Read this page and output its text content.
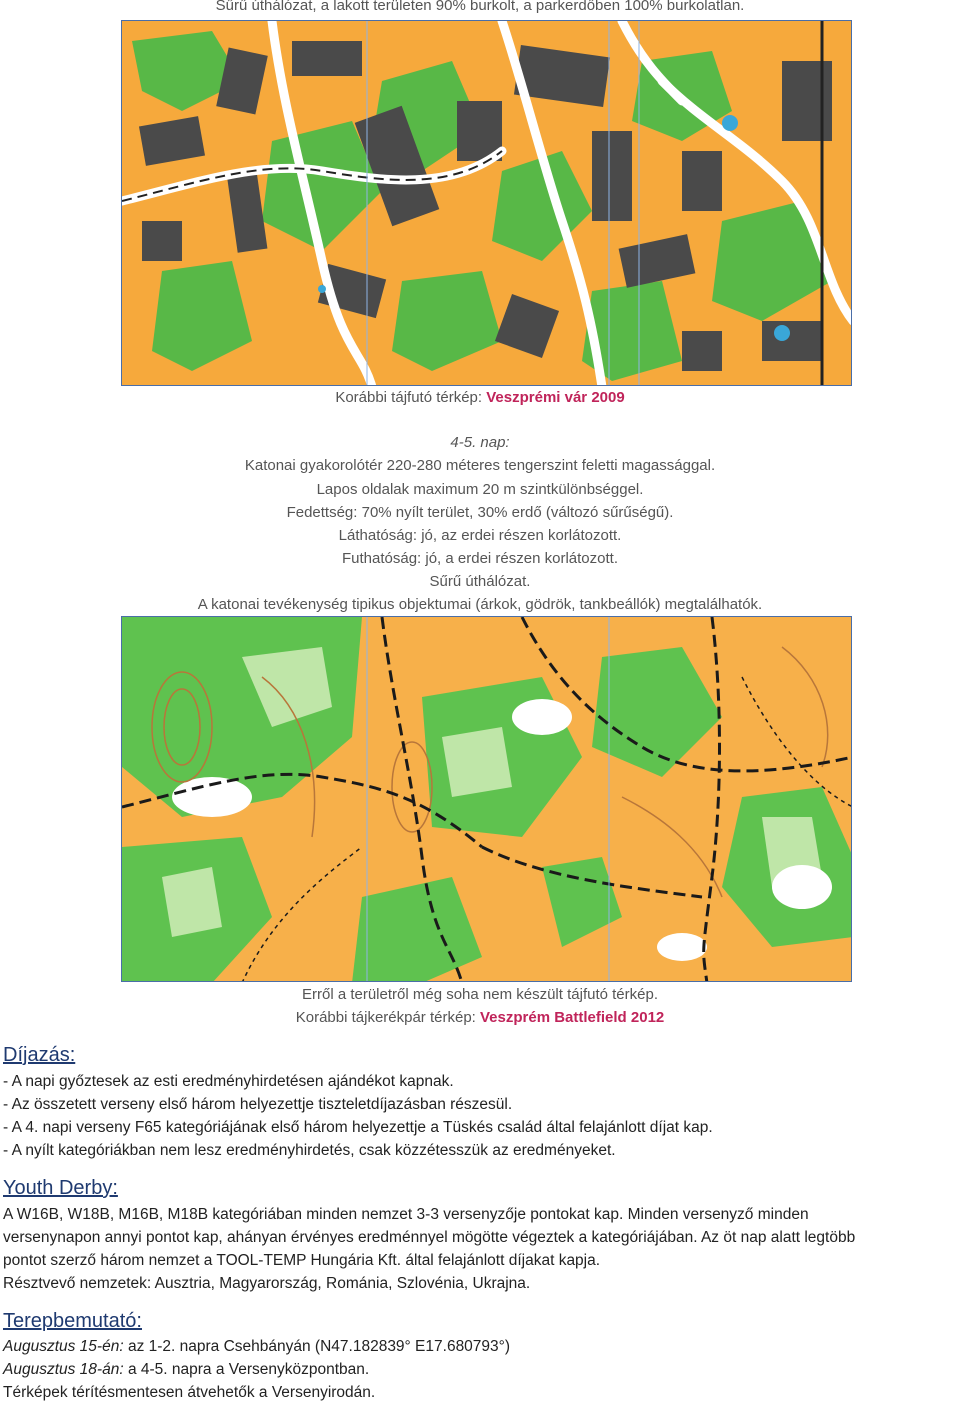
Sűrű úthálózat, a lakott területen 90% burkolt, a parkerdőben 100% burkolatlan.
Korábbi tájfutó térkép: Veszprémi vár 2009
4-5. nap:
Katonai gyakorolótér 220-280 méteres tengerszint feletti magassággal.
Lapos oldalak maximum 20 m szintkülönbséggel.
Fedettség: 70% nyílt terület, 30% erdő (változó sűrűségű).
Láthatóság: jó, az erdei részen korlátozott.
Futhatóság: jó, a erdei részen korlátozott.
Sűrű úthálózat.
A katonai tevékenység tipikus objektumai (árkok, gödrök, tankbeállók) megtalálhatók.
Erről a területről még soha nem készült tájfutó térkép.
Korábbi tájkerékpár térkép: Veszprém Battlefield 2012
Díjazás:
- A napi győztesek az esti eredményhirdetésen ajándékot kapnak.
- Az összetett verseny első három helyezettje tiszteletdíjazásban részesül.
- A 4. napi verseny F65 kategóriájának első három helyezettje a Tüskés család által felajánlott díjat kap.
- A nyílt kategóriákban nem lesz eredményhirdetés, csak közzétesszük az eredményeket.
Youth Derby:
A W16B, W18B, M16B, M18B kategóriában minden nemzet 3-3 versenyzője pontokat kap. Minden versenyző minden
versenynapon annyi pontot kap, ahányan érvényes eredménnyel mögötte végeztek a kategóriájában. Az öt nap alatt legtöbb
pontot szerző három nemzet a TOOL-TEMP Hungária Kft. által felajánlott díjakat kapja.
Résztvevő nemzetek: Ausztria, Magyarország, Románia, Szlovénia, Ukrajna.
Terepbemutató:
Augusztus 15-én: az 1-2. napra Csehbányán (N47.182839° E17.680793°)
Augusztus 18-án: a 4-5. napra a Versenyközpontban.
Térképek térítésmentesen átvehetők a Versenyirodán.
